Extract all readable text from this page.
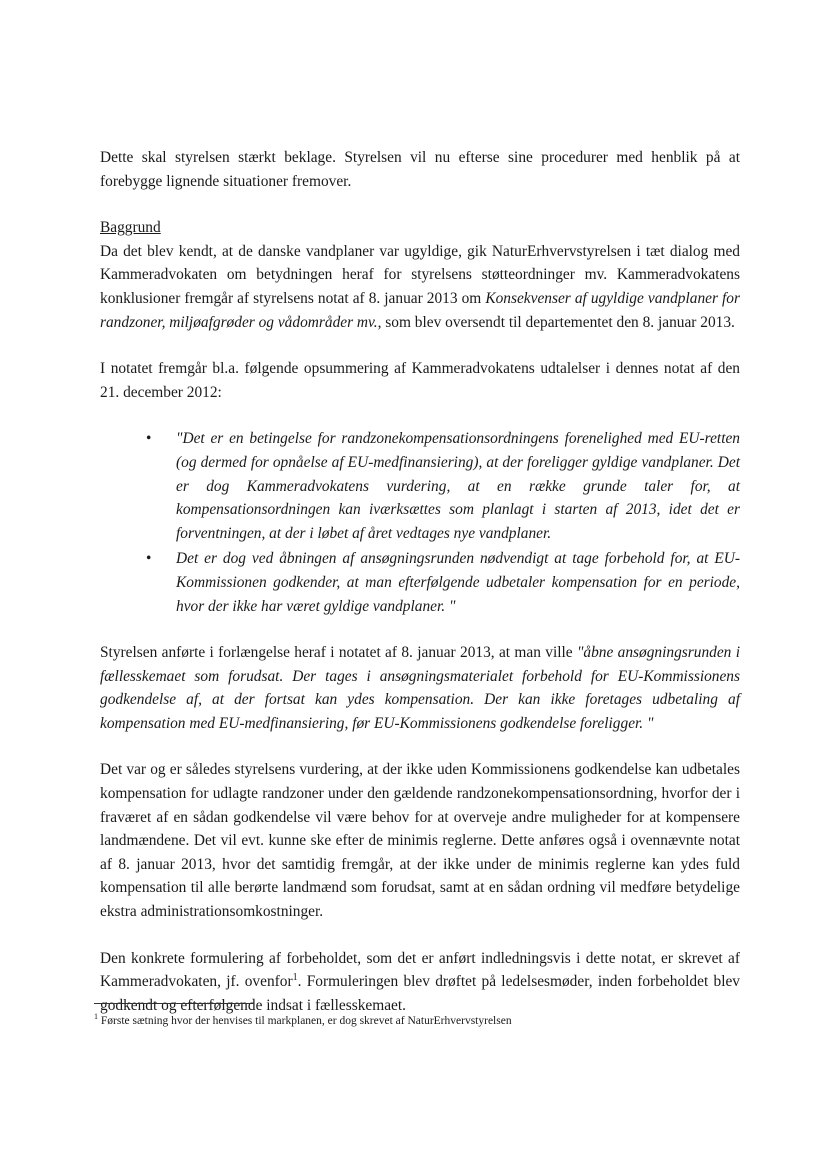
Dette skal styrelsen stærkt beklage. Styrelsen vil nu efterse sine procedurer med henblik på at forebygge lignende situationer fremover.

Baggrund
Da det blev kendt, at de danske vandplaner var ugyldige, gik NaturErhvervstyrelsen i tæt dialog med Kammeradvokaten om betydningen heraf for styrelsens støtteordninger mv. Kammeradvokatens konklusioner fremgår af styrelsens notat af 8. januar 2013 om Konsekvenser af ugyldige vandplaner for randzoner, miljøafgrøder og vådområder mv., som blev oversendt til departementet den 8. januar 2013.

I notatet fremgår bl.a. følgende opsummering af Kammeradvokatens udtalelser i dennes notat af den 21. december 2012:

• "Det er en betingelse for randzonekompensationsordningens forenelighed med EU-retten (og dermed for opnåelse af EU-medfinansiering), at der foreligger gyldige vandplaner. Det er dog Kammeradvokatens vurdering, at en række grunde taler for, at kompensationsordningen kan iværksættes som planlagt i starten af 2013, idet det er forventningen, at der i løbet af året vedtages nye vandplaner.
• Det er dog ved åbningen af ansøgningsrunden nødvendigt at tage forbehold for, at EU-Kommissionen godkender, at man efterfølgende udbetaler kompensation for en periode, hvor der ikke har været gyldige vandplaner. "

Styrelsen anførte i forlængelse heraf i notatet af 8. januar 2013, at man ville "åbne ansøgningsrunden i fællesskemaet som forudsat. Der tages i ansøgningsmaterialet forbehold for EU-Kommissionens godkendelse af, at der fortsat kan ydes kompensation. Der kan ikke foretages udbetaling af kompensation med EU-medfinansiering, før EU-Kommissionens godkendelse foreligger. "

Det var og er således styrelsens vurdering, at der ikke uden Kommissionens godkendelse kan udbetales kompensation for udlagte randzoner under den gældende randzonekompensationsordning, hvorfor der i fraværet af en sådan godkendelse vil være behov for at overveje andre muligheder for at kompensere landmændene. Det vil evt. kunne ske efter de minimis reglerne. Dette anføres også i ovennævnte notat af 8. januar 2013, hvor det samtidig fremgår, at der ikke under de minimis reglerne kan ydes fuld kompensation til alle berørte landmænd som forudsat, samt at en sådan ordning vil medføre betydelige ekstra administrationsomkostninger.

Den konkrete formulering af forbeholdet, som det er anført indledningsvis i dette notat, er skrevet af Kammeradvokaten, jf. ovenfor$^1$. Formuleringen blev drøftet på ledelsesmøder, inden forbeholdet blev godkendt og efterfølgende indsat i fællesskemaet.

$^1$ Første sætning hvor der henvises til markplanen, er dog skrevet af NaturErhvervstyrelsen
